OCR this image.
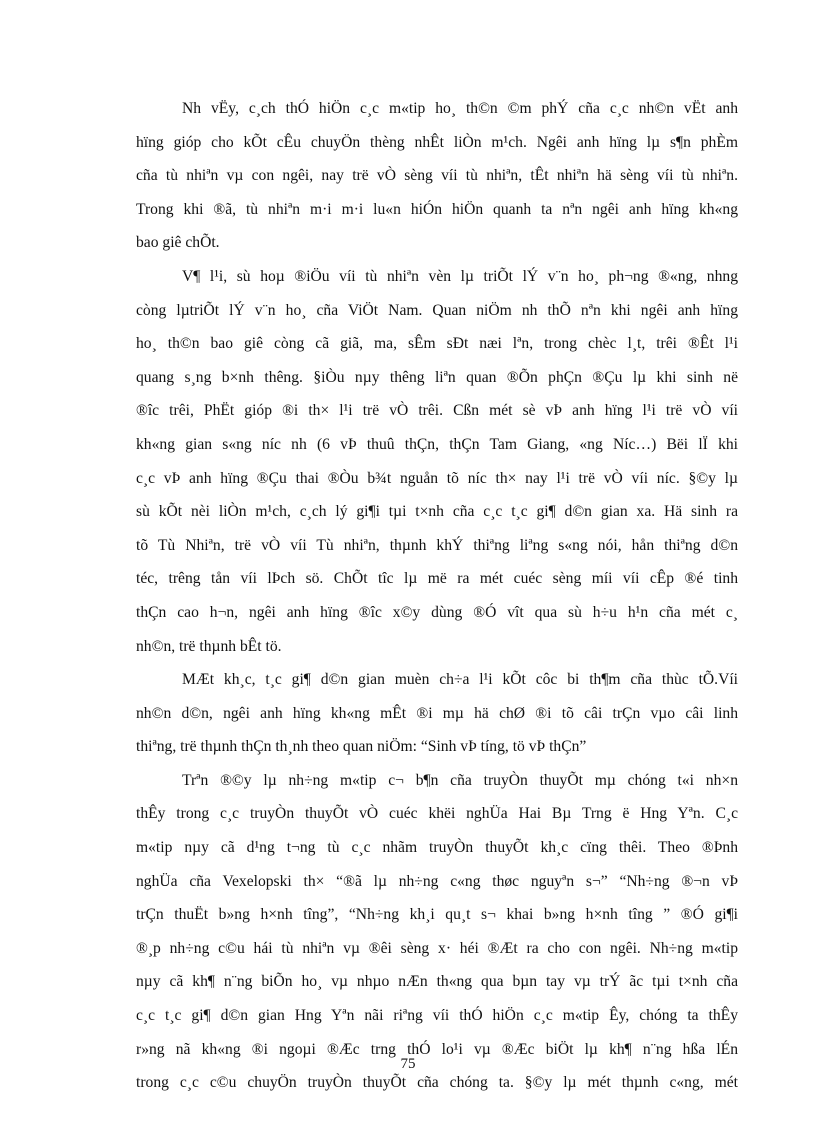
Nh vËy, c¸ch thÓ hiÖn c¸c m«tip ho¸ th©n ©m phÝ cña c¸c nh©n vËt anh
hïng gióp cho kÕt cÊu chuyÖn thèng nhÊt liÒn m¹ch. Ngêi anh hïng lµ s¶n phÈm
cña tù nhiªn vµ con ngêi, nay trë vÒ sèng víi tù nhiªn, tÊt nhiªn hä sèng víi tù nhiªn.
Trong khi ®ã, tù nhiªn m·i m·i lu«n hiÓn hiÖn quanh ta nªn ngêi anh hïng kh«ng
bao giê chÕt.

V¶ l¹i, sù hoµ ®iÖu víi tù nhiªn vèn lµ triÕt lÝ v¨n ho¸ ph¬ng ®«ng, nhng
còng lµtriÕt lÝ v¨n ho¸ cña ViÖt Nam. Quan niÖm nh thÕ nªn khi ngêi anh hïng
ho¸ th©n bao giê còng cã giã, ma, sÊm sÐt næi lªn, trong chèc l¸t, trêi ®Êt l¹i
quang s¸ng b×nh thêng. §iÒu nµy thêng liªn quan ®Õn phÇn ®Çu lµ khi sinh në
®îc trêi, PhËt gióp ®i th× l¹i trë vÒ trêi. Cßn mét sè vÞ anh hïng l¹i trë vÒ víi
kh«ng gian s«ng níc nh (6 vÞ thuû thÇn, thÇn Tam Giang, «ng Níc…) Bëi lÏ khi
c¸c vÞ anh hïng ®Çu thai ®Òu b¾t nguån tõ níc th× nay l¹i trë vÒ víi níc. §©y lµ
sù kÕt nèi liÒn m¹ch, c¸ch lý gi¶i tµi t×nh cña c¸c t¸c gi¶ d©n gian xa. Hä sinh ra
tõ Tù Nhiªn, trë vÒ víi Tù nhiªn, thµnh khÝ thiªng liªng s«ng nói, hån thiªng d©n
téc, trêng tån víi lÞch sö. ChÕt tîc lµ më ra mét cuéc sèng míi víi cÊp ®é tinh
thÇn cao h¬n, ngêi anh hïng ®îc x©y dùng ®Ó vît qua sù h÷u h¹n cña mét c¸
nh©n, trë thµnh bÊt tö.

MÆt kh¸c, t¸c gi¶ d©n gian muèn ch÷a l¹i kÕt côc bi th¶m cña thùc tÕ.Víi
nh©n d©n, ngêi anh hïng kh«ng mÊt ®i mµ hä chØ ®i tõ câi trÇn vµo câi linh
thiªng, trë thµnh thÇn th¸nh theo quan niÖm: “Sinh vÞ tíng, tö vÞ thÇn”

Trªn ®©y lµ nh÷ng m«tip c¬ b¶n cña truyÒn thuyÕt mµ chóng t«i nh×n
thÊy trong c¸c truyÒn thuyÕt vÒ cuéc khëi nghÜa Hai Bµ Trng ë Hng Yªn. C¸c
m«tip nµy cã d¹ng t¬ng tù c¸c nhãm truyÒn thuyÕt kh¸c cïng thêi. Theo ®Þnh
nghÜa cña Vexelopski th× “®ã lµ nh÷ng c«ng thøc nguyªn s¬” “Nh÷ng ®¬n vÞ
trÇn thuËt b»ng h×nh tîng”, “Nh÷ng kh¸i qu¸t s¬ khai b»ng h×nh tîng ” ®Ó gi¶i
®¸p nh÷ng c©u hái tù nhiªn vµ ®êi sèng x· héi ®Æt ra cho con ngêi. Nh÷ng m«tip
nµy cã kh¶ n¨ng biÕn ho¸ vµ nhµo nÆn th«ng qua bµn tay vµ trÝ ãc tµi t×nh cña
c¸c t¸c gi¶ d©n gian Hng Yªn nãi riªng víi thÓ hiÖn c¸c m«tip Êy, chóng ta thÊy
r»ng nã kh«ng ®i ngoµi ®Æc trng thÓ lo¹i vµ ®Æc biÖt lµ kh¶ n¨ng hßa lÉn
trong c¸c c©u chuyÖn truyÒn thuyÕt cña chóng ta. §©y lµ mét thµnh c«ng, mét

75
